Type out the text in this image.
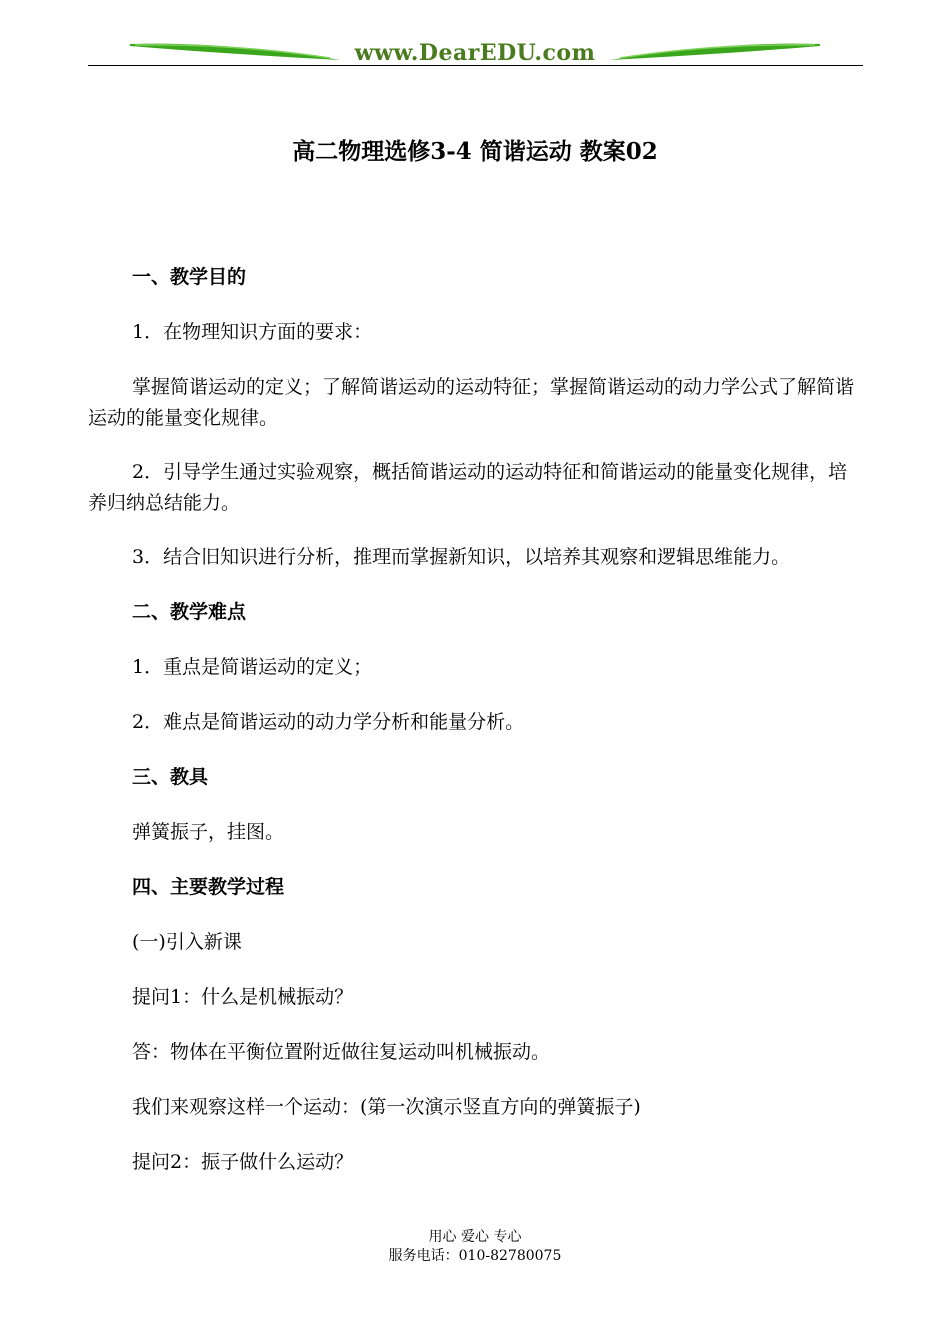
www.DearEDU.com
高二物理选修3-4 简谐运动 教案02

一、教学目的

1．在物理知识方面的要求：

掌握简谐运动的定义；了解简谐运动的运动特征；掌握简谐运动的动力学公式了解简谐运动的能量变化规律。

2．引导学生通过实验观察，概括简谐运动的运动特征和简谐运动的能量变化规律，培养归纳总结能力。

3．结合旧知识进行分析，推理而掌握新知识，以培养其观察和逻辑思维能力。

二、教学难点

1．重点是简谐运动的定义；

2．难点是简谐运动的动力学分析和能量分析。

三、教具

弹簧振子，挂图。

四、主要教学过程

(一)引入新课

提问1：什么是机械振动？

答：物体在平衡位置附近做往复运动叫机械振动。

我们来观察这样一个运动：(第一次演示竖直方向的弹簧振子)

提问2：振子做什么运动？

用心 爱心 专心
服务电话：010-82780075
